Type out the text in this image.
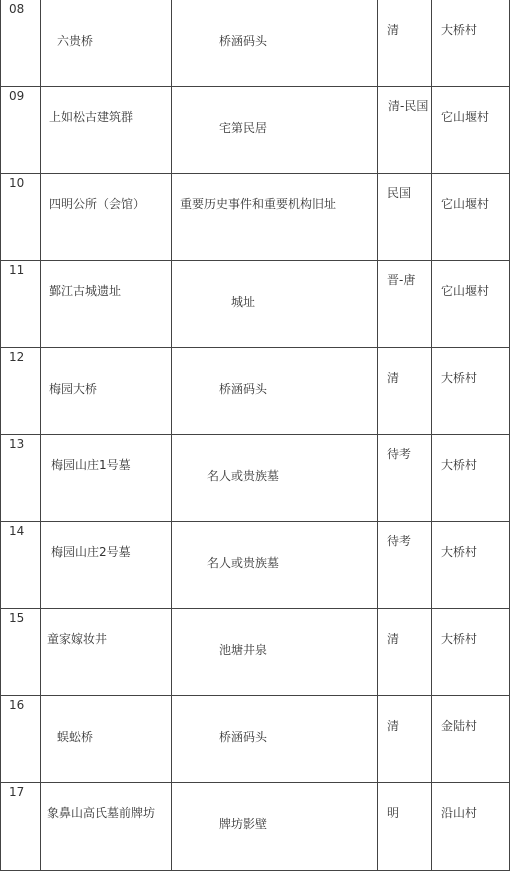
08	六贵桥	桥涵码头	清	大桥村

09	上如松古建筑群	宅第民居	清-民国	它山堰村

10	四明公所（会馆）	重要历史事件和重要机构旧址	民国	它山堰村

11	鄞江古城遗址	城址	晋-唐	它山堰村

12	梅园大桥	桥涵码头	清	大桥村

13	梅园山庄1号墓	名人或贵族墓	待考	大桥村

14	梅园山庄2号墓	名人或贵族墓	待考	大桥村

15	童家嫁妆井	池塘井泉	清	大桥村

16	蜈蚣桥	桥涵码头	清	金陆村

17	象鼻山高氏墓前牌坊	牌坊影壁	明	沿山村
